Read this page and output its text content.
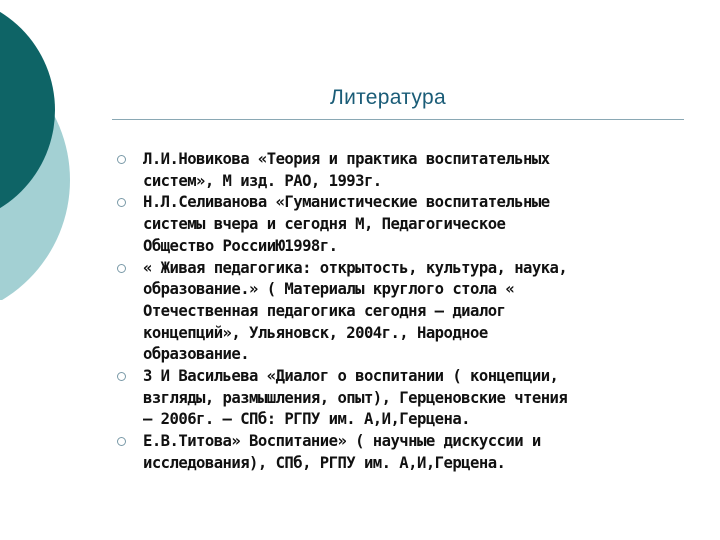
Литература
Л.И.Новикова «Теория и практика воспитательных
систем», М изд. РАО, 1993г.
Н.Л.Селиванова «Гуманистические воспитательные
системы вчера и сегодня М, Педагогическое
Общество РоссииЮ1998г.
« Живая педагогика: открытость, культура, наука,
образование.» ( Материалы круглого стола «
Отечественная педагогика сегодня – диалог
концепций», Ульяновск, 2004г., Народное
образование.
З И Васильева «Диалог о воспитании ( концепции,
взгляды, размышления, опыт), Герценовские чтения
– 2006г. – СПб: РГПУ им. А,И,Герцена.
Е.В.Титова» Воспитание» ( научные дискуссии и
исследования), СПб, РГПУ им. А,И,Герцена.
